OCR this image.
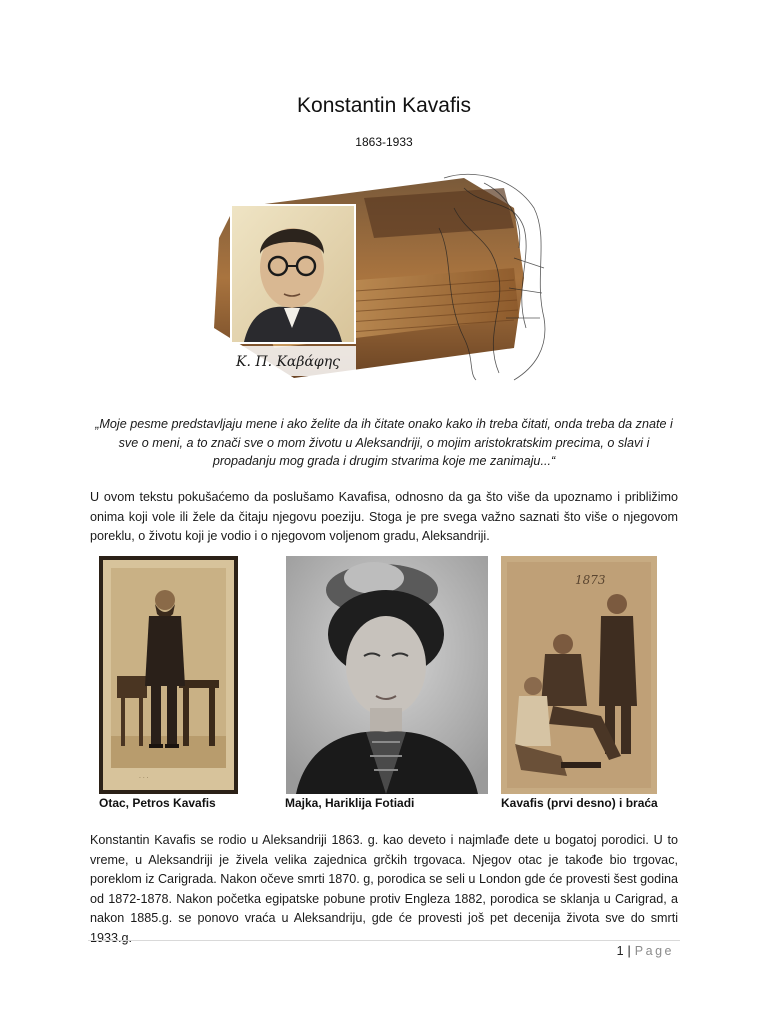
Konstantin Kavafis
1863-1933
Κ. Π. Καβάφης
„Moje pesme predstavljaju mene i ako želite da ih čitate onako kako ih treba čitati, onda treba da znate i sve o meni, a to znači sve o mom životu u Aleksandriji, o mojim aristokratskim precima, o slavi i propadanju mog grada i drugim stvarima koje me zanimaju...“
U ovom tekstu pokušaćemo da poslušamo Kavafisa, odnosno da ga što više da upoznamo i približimo onima koji vole ili žele da čitaju njegovu poeziju. Stoga je pre svega važno saznati što više o njegovom poreklu, o životu koji je vodio i o njegovom voljenom gradu, Aleksandriji.
· · ·
Otac, Petros Kavafis	Majka, Hariklija Fotiadi
1873
Kavafis (prvi desno) i braća
Konstantin Kavafis se rodio u Aleksandriji 1863. g. kao deveto i najmlađe dete u bogatoj porodici. U to vreme, u Aleksandriji je živela velika zajednica grčkih trgovaca. Njegov otac je takođe bio trgovac, poreklom iz Carigrada. Nakon očeve smrti 1870. g, porodica se seli u London gde će provesti šest godina od 1872-1878. Nakon početka egipatske pobune protiv Engleza 1882, porodica se sklanja u Carigrad, a nakon 1885.g. se ponovo vraća u Aleksandriju, gde će provesti još pet decenija života sve do smrti 1933.g.
1 | Page
